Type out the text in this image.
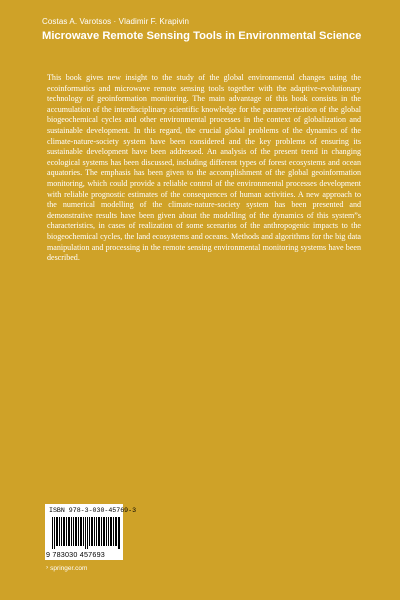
Costas A. Varotsos · Vladimir F. Krapivin
Microwave Remote Sensing Tools in Environmental Science

This book gives new insight to the study of the global environmental changes using the ecoinformatics and microwave remote sensing tools together with the adaptive-evolutionary technology of geoinformation monitoring. The main advantage of this book consists in the accumulation of the interdisciplinary scientific knowledge for the parameterization of the global biogeochemical cycles and other environmental processes in the context of globalization and sustainable development. In this regard, the crucial global problems of the dynamics of the climate-nature-society system have been considered and the key problems of ensuring its sustainable development have been addressed. An analysis of the present trend in changing ecological systems has been discussed, including different types of forest ecosystems and ocean aquatories. The emphasis has been given to the accomplishment of the global geoinformation monitoring, which could provide a reliable control of the environmental processes development with reliable prognostic estimates of the consequences of human activities. A new approach to the numerical modelling of the climate-nature-society system has been presented and demonstrative results have been given about the modelling of the dynamics of this system”s characteristics, in cases of realization of some scenarios of the anthropogenic impacts to the biogeochemical cycles, the land ecosystems and oceans. Methods and algorithms for the big data manipulation and processing in the remote sensing environmental monitoring systems have been described.

ISBN 978-3-030-45769-3
9 783030 457693
› springer.com
